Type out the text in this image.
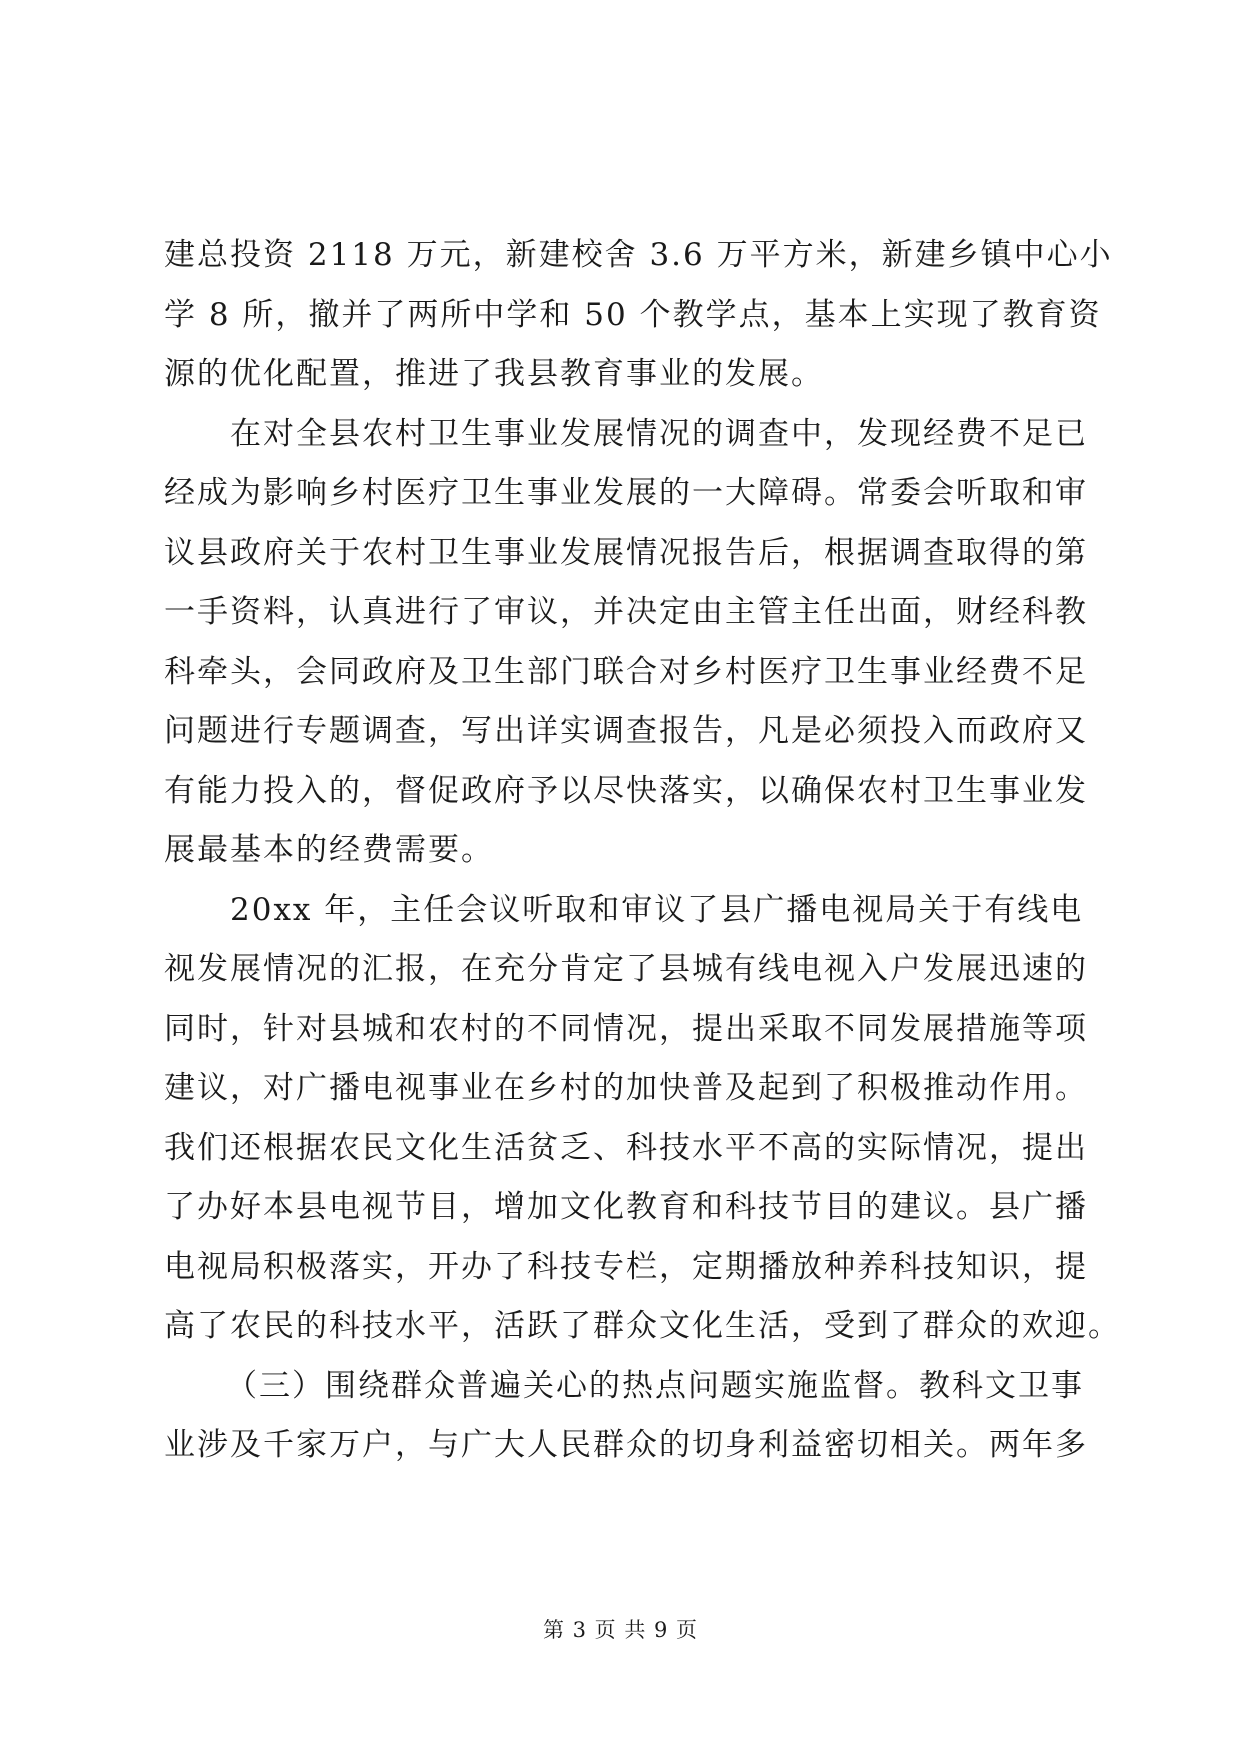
建总投资 2118 万元，新建校舍 3.6 万平方米，新建乡镇中心小
学 8 所，撤并了两所中学和 50 个教学点，基本上实现了教育资
源的优化配置，推进了我县教育事业的发展。
在对全县农村卫生事业发展情况的调查中，发现经费不足已
经成为影响乡村医疗卫生事业发展的一大障碍。常委会听取和审
议县政府关于农村卫生事业发展情况报告后，根据调查取得的第
一手资料，认真进行了审议，并决定由主管主任出面，财经科教
科牵头，会同政府及卫生部门联合对乡村医疗卫生事业经费不足
问题进行专题调查，写出详实调查报告，凡是必须投入而政府又
有能力投入的，督促政府予以尽快落实，以确保农村卫生事业发
展最基本的经费需要。
20xx 年，主任会议听取和审议了县广播电视局关于有线电
视发展情况的汇报，在充分肯定了县城有线电视入户发展迅速的
同时，针对县城和农村的不同情况，提出采取不同发展措施等项
建议，对广播电视事业在乡村的加快普及起到了积极推动作用。
我们还根据农民文化生活贫乏、科技水平不高的实际情况，提出
了办好本县电视节目，增加文化教育和科技节目的建议。县广播
电视局积极落实，开办了科技专栏，定期播放种养科技知识，提
高了农民的科技水平，活跃了群众文化生活，受到了群众的欢迎。
（三）围绕群众普遍关心的热点问题实施监督。教科文卫事
业涉及千家万户，与广大人民群众的切身利益密切相关。两年多
第 3 页 共 9 页
